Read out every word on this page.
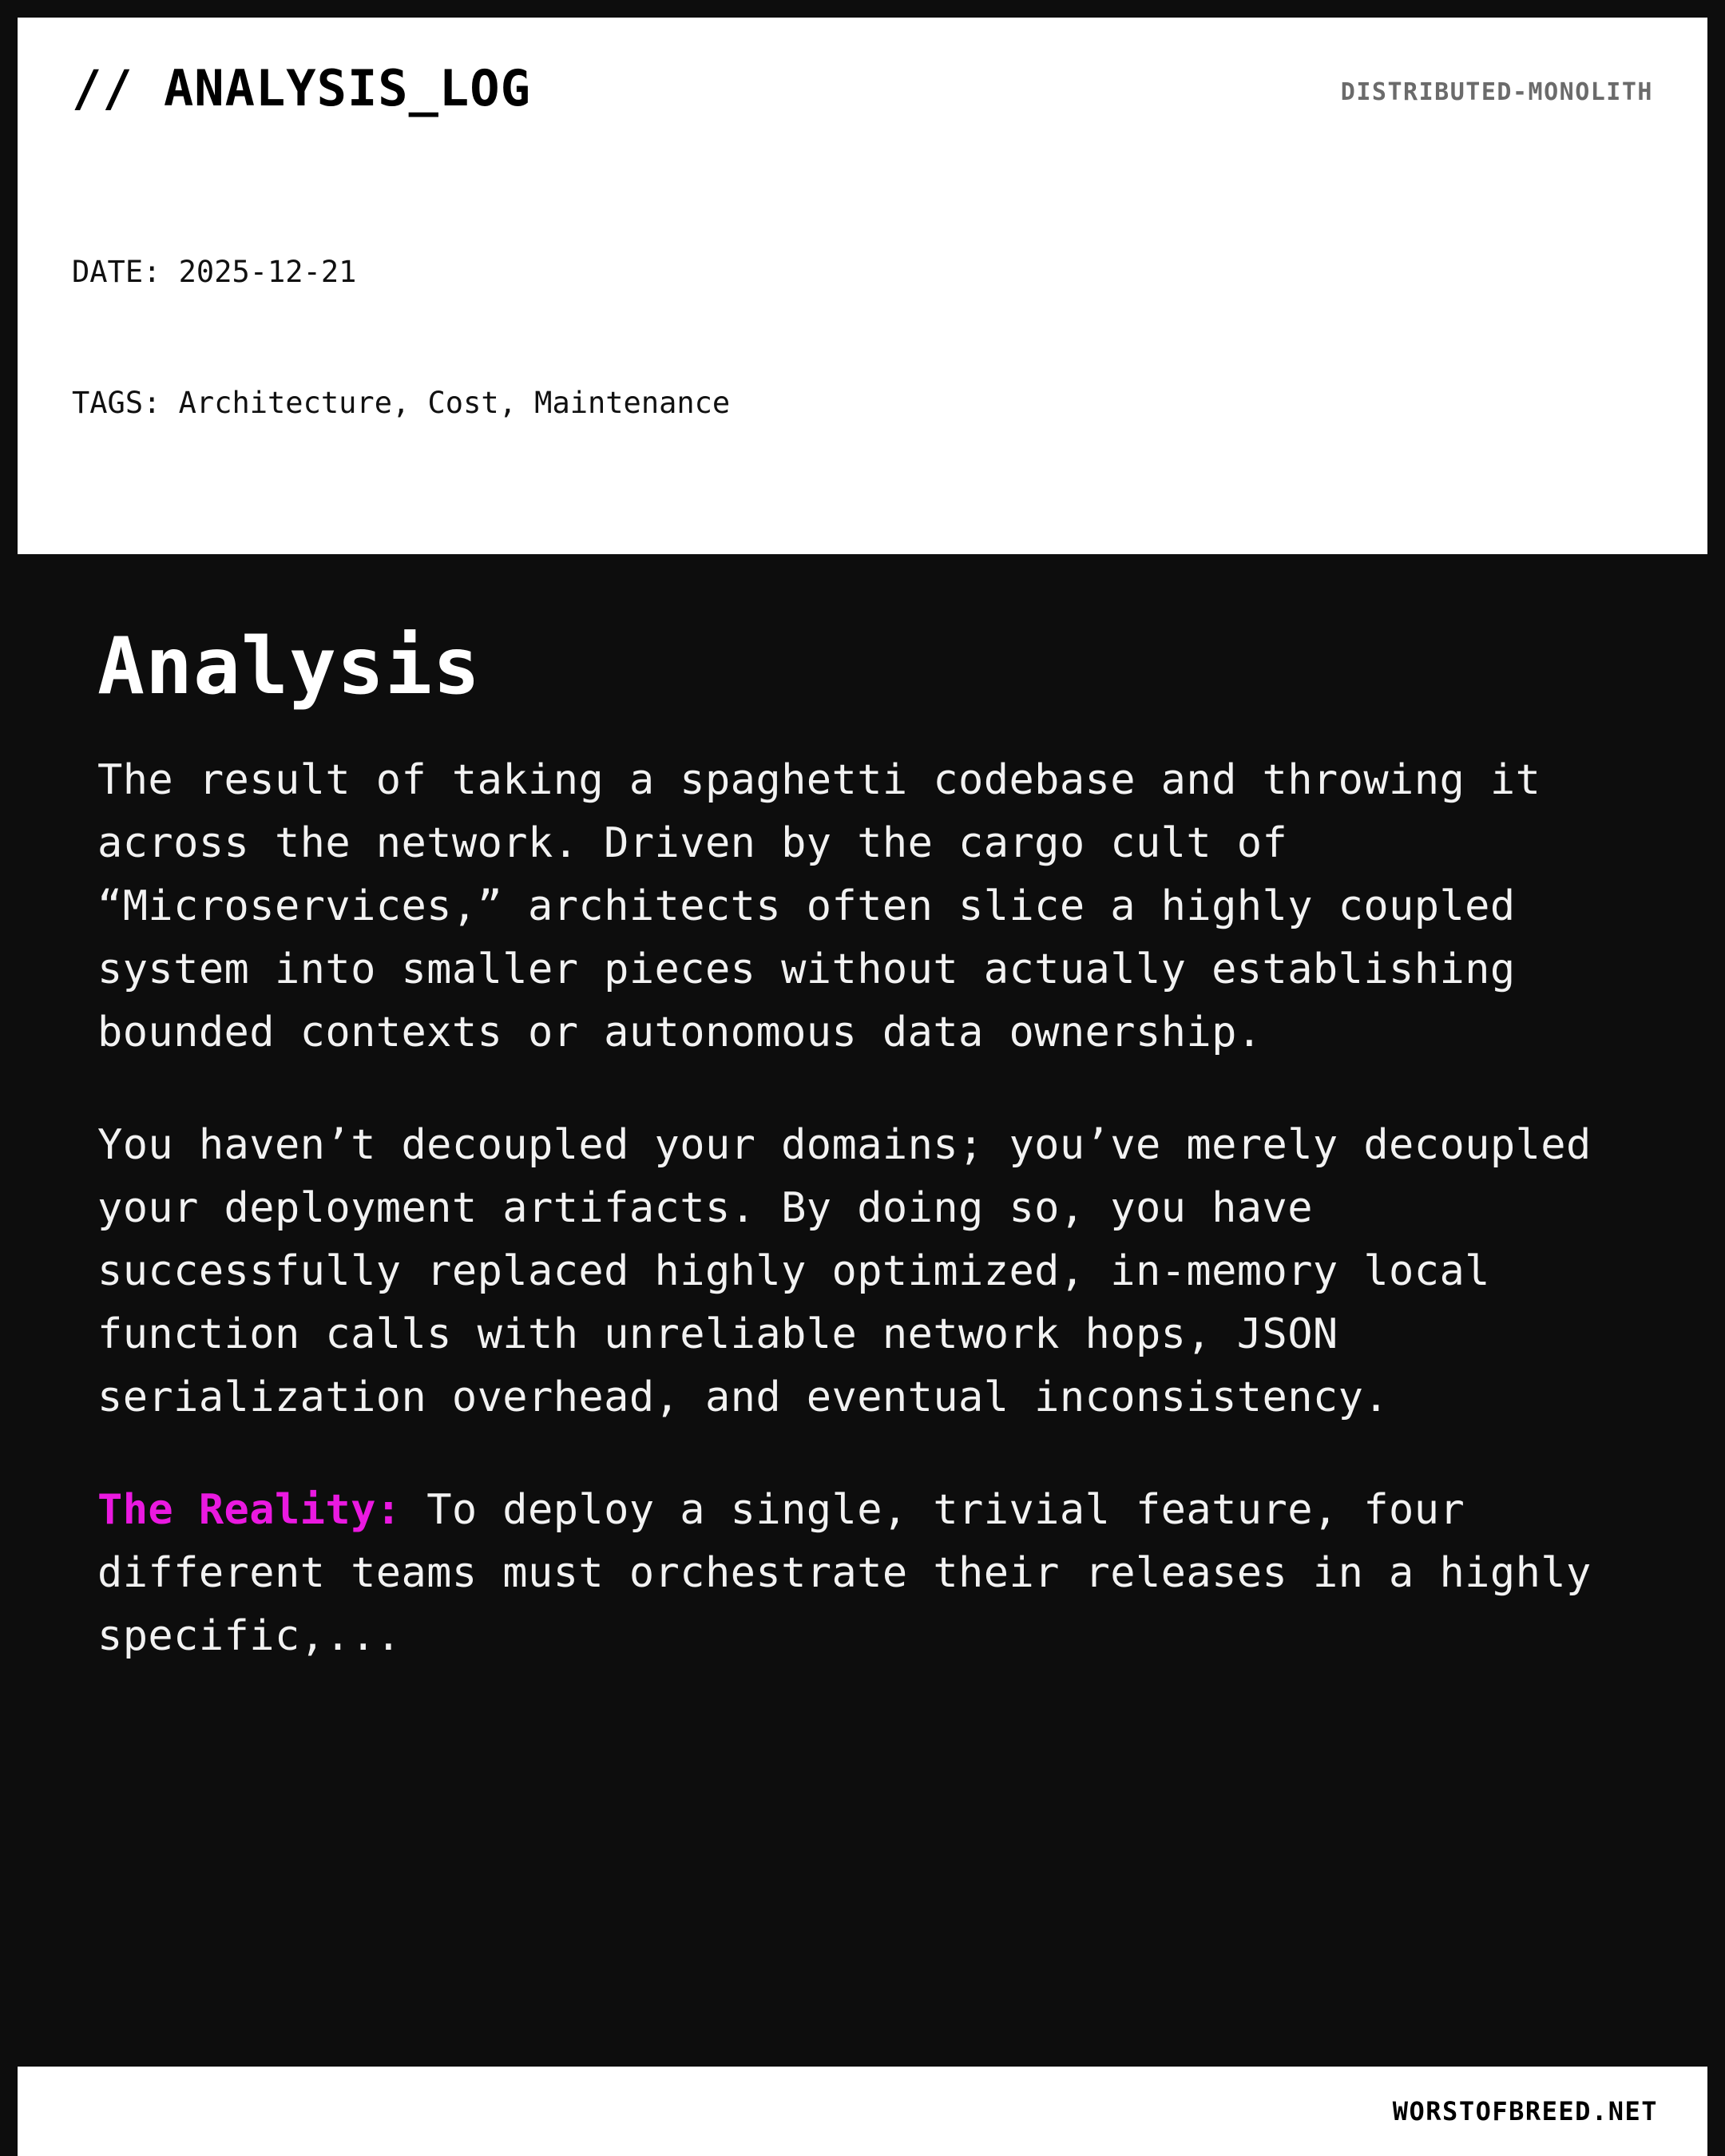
// ANALYSIS_LOG	DISTRIBUTED-MONOLITH

DATE: 2025-12-21

TAGS: Architecture, Cost, Maintenance

Analysis

The result of taking a spaghetti codebase and throwing it across the network. Driven by the cargo cult of “Microservices,” architects often slice a highly coupled system into smaller pieces without actually establishing bounded contexts or autonomous data ownership.

You haven’t decoupled your domains; you’ve merely decoupled your deployment artifacts. By doing so, you have successfully replaced highly optimized, in-memory local function calls with unreliable network hops, JSON serialization overhead, and eventual inconsistency.

The Reality: To deploy a single, trivial feature, four different teams must orchestrate their releases in a highly specific,...

WORSTOFBREED.NET
